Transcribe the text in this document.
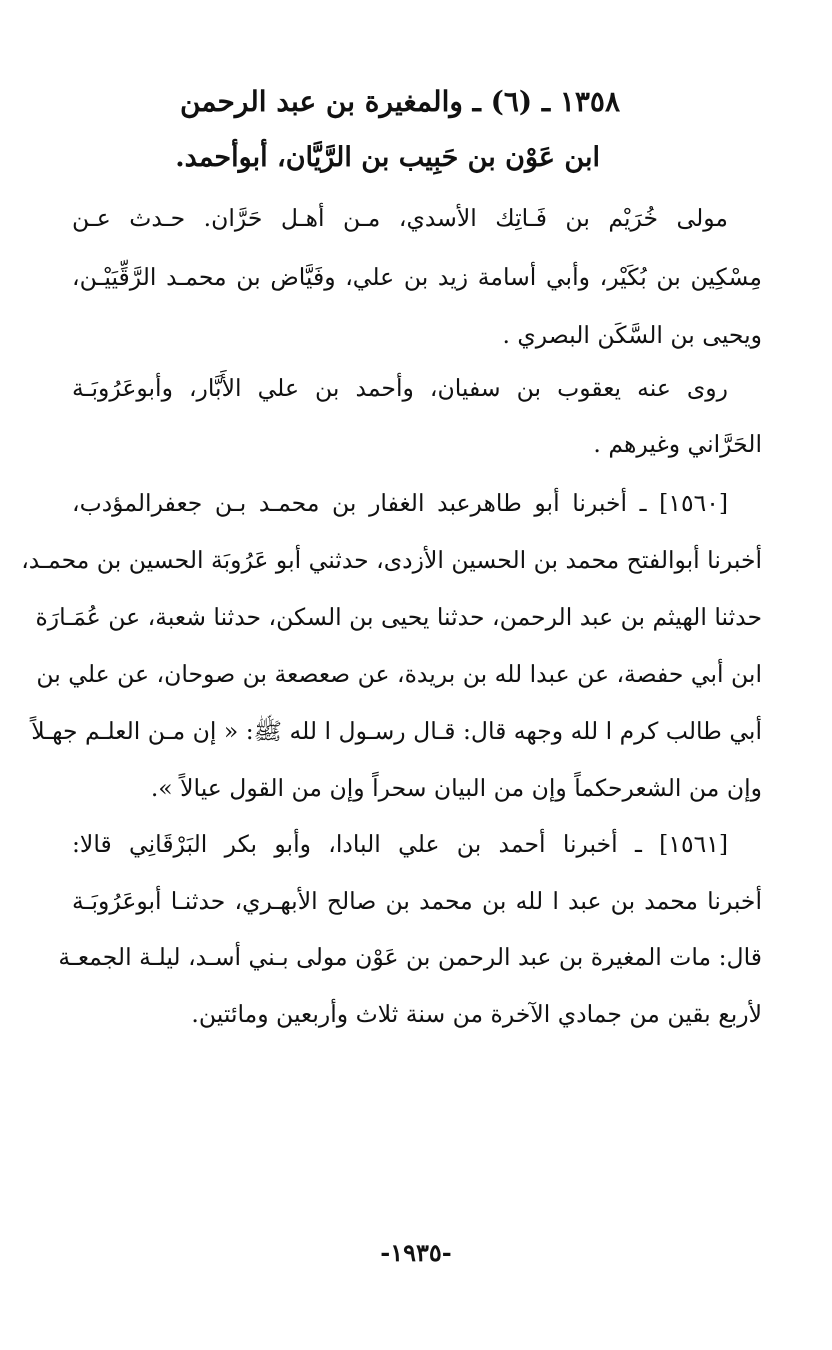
١٣٥٨ ـ (٦) ـ والمغيرة بن عبد الرحمن
ابن عَوْن بن حَبِيب بن الرَّيَّان، أبوأحمد.
مولى خُرَيْم بن فَـاتِك الأسدي، مـن أهـل حَرَّان. حـدث عـن
مِسْكِين بن بُكَيْر، وأبي أسامة زيد بن علي، وفَيَّاض بن محمـد الرَّقِّيَيْـن،
ويحيى بن السَّكَن البصري .
روى عنه يعقوب بن سفيان، وأحمد بن علي الأَبَّار، وأبوعَرُوبَـة
الحَرَّاني وغيرهم .
[١٥٦٠] ـ أخبرنا أبو طاهرعبد الغفار بن محمـد بـن جعفرالمؤدب،
أخبرنا أبوالفتح محمد بن الحسين الأزدى، حدثني أبو عَرُوبَة الحسين بن محمـد،
حدثنا الهيثم بن عبد الرحمن، حدثنا يحيى بن السكن، حدثنا شعبة، عن عُمَـارَة
ابن أبي حفصة، عن عبدا لله بن بريدة، عن صعصعة بن صوحان، عن علي بن
أبي طالب كرم ا لله وجهه قال: قـال رسـول ا لله ﷺ: « إن مـن العلـم جهـلاً
وإن من الشعرحكماً وإن من البيان سحراً وإن من القول عيالاً ».
[١٥٦١] ـ أخبرنا أحمد بن علي البادا، وأبو بكر البَرْقَانِي قالا:
أخبرنا محمد بن عبد ا لله بن محمد بن صالح الأبهـري، حدثنـا أبوعَرُوبَـة
قال: مات المغيرة بن عبد الرحمن بن عَوْن مولى بـني أسـد، ليلـة الجمعـة
لأربع بقين من جمادي الآخرة من سنة ثلاث وأربعين ومائتين.
-١٩٣٥-
